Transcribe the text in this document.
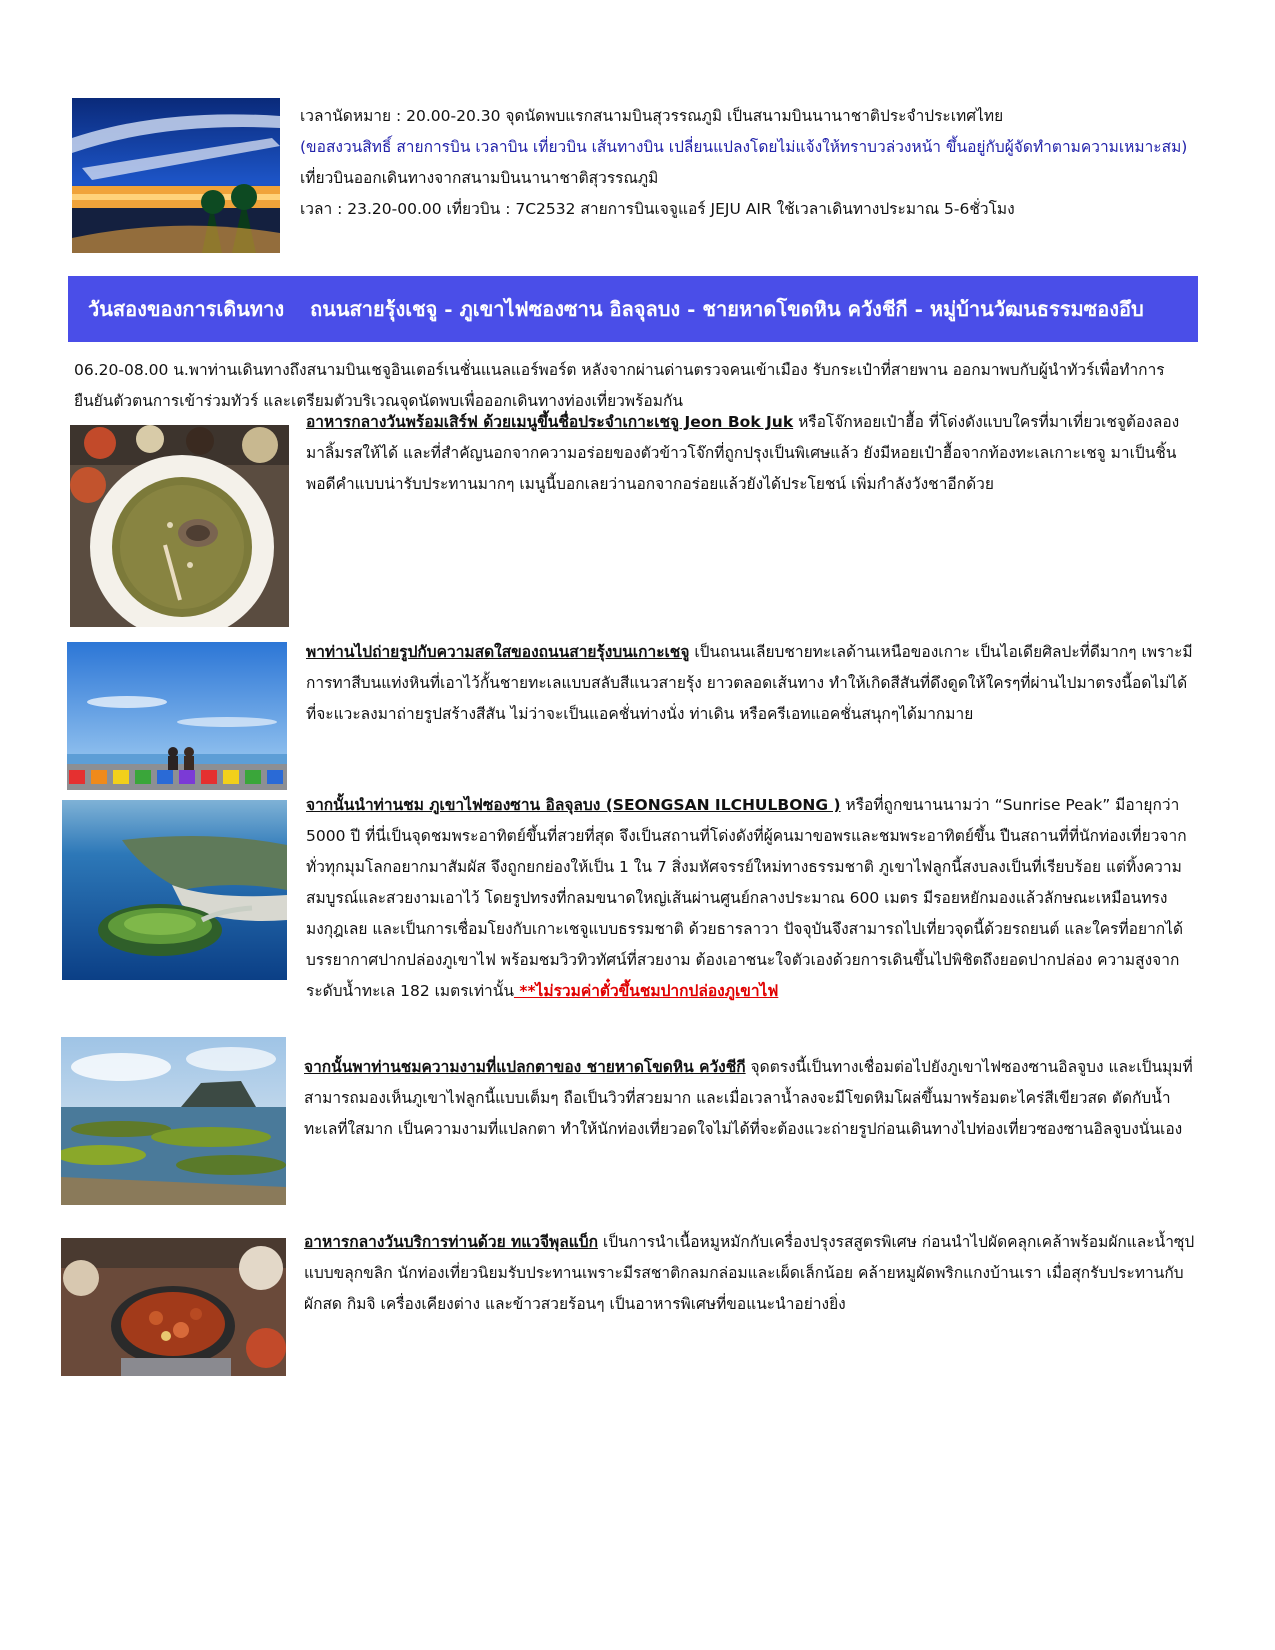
เวลานัดหมาย : 20.00-20.30 จุดนัดพบแรกสนามบินสุวรรณภูมิ เป็นสนามบินนานาชาติประจำประเทศไทย

(ขอสงวนสิทธิ์ สายการบิน เวลาบิน เที่ยวบิน เส้นทางบิน เปลี่ยนแปลงโดยไม่แจ้งให้ทราบวล่วงหน้า ขึ้นอยู่กับผู้จัดทำตามความเหมาะสม)

เที่ยวบินออกเดินทางจากสนามบินนานาชาติสุวรรณภูมิ

เวลา : 23.20-00.00 เที่ยวบิน : 7C2532 สายการบินเจจูแอร์ JEJU AIR ใช้เวลาเดินทางประมาณ 5-6ชั่วโมง

วันสองของการเดินทาง ถนนสายรุ้งเชจู - ภูเขาไฟซองซาน อิลจุลบง - ชายหาดโขดหิน ควังชีกี - หมู่บ้านวัฒนธรรมซองอึบ

06.20-08.00 น.พาท่านเดินทางถึงสนามบินเชจูอินเตอร์เนชั่นแนลแอร์พอร์ต หลังจากผ่านด่านตรวจคนเข้าเมือง รับกระเป๋าที่สายพาน ออกมาพบกับผู้นำทัวร์เพื่อทำการยืนยันตัวตนการเข้าร่วมทัวร์ และเตรียมตัวบริเวณจุดนัดพบเพื่อออกเดินทางท่องเที่ยวพร้อมกัน

อาหารกลางวันพร้อมเสิร์ฟ ด้วยเมนูขึ้นชื่อประจำเกาะเชจู Jeon Bok Juk หรือโจ๊กหอยเป๋าฮื้อ ที่โด่งดังแบบใครที่มาเที่ยวเชจูต้องลองมาลิ้มรสให้ได้ และที่สำคัญนอกจากความอร่อยของตัวข้าวโจ๊กที่ถูกปรุงเป็นพิเศษแล้ว ยังมีหอยเป๋าฮื้อจากท้องทะเลเกาะเชจู มาเป็นชิ้นพอดีคำแบบน่ารับประทานมากๆ เมนูนี้บอกเลยว่านอกจากอร่อยแล้วยังได้ประโยชน์ เพิ่มกำลังวังชาอีกด้วย

พาท่านไปถ่ายรูปกับความสดใสของถนนสายรุ้งบนเกาะเชจู เป็นถนนเลียบชายทะเลด้านเหนือของเกาะ เป็นไอเดียศิลปะที่ดีมากๆ เพราะมีการทาสีบนแท่งหินที่เอาไว้กั้นชายทะเลแบบสลับสีแนวสายรุ้ง ยาวตลอดเส้นทาง ทำให้เกิดสีสันที่ดึงดูดให้ใครๆที่ผ่านไปมาตรงนี้อดไม่ได้ ที่จะแวะลงมาถ่ายรูปสร้างสีสัน ไม่ว่าจะเป็นแอคชั่นท่างนั่ง ท่าเดิน หรือครีเอทแอคชั่นสนุกๆได้มากมาย

จากนั้นนำท่านชม ภูเขาไฟซองซาน อิลจุลบง (SEONGSAN ILCHULBONG ) หรือที่ถูกขนานนามว่า “Sunrise Peak” มีอายุกว่า 5000 ปี ที่นี่เป็นจุดชมพระอาทิตย์ขึ้นที่สวยที่สุด จึงเป็นสถานที่โด่งดังที่ผู้คนมาขอพรและชมพระอาทิตย์ขึ้น ปืนสถานที่ที่นักท่องเที่ยวจากทั่วทุกมุมโลกอยากมาสัมผัส จึงถูกยกย่องให้เป็น 1 ใน 7 สิ่งมหัศจรรย์ใหม่ทางธรรมชาติ ภูเขาไฟลูกนี้สงบลงเป็นที่เรียบร้อย แต่ทิ้งความสมบูรณ์และสวยงามเอาไว้ โดยรูปทรงที่กลมขนาดใหญ่เส้นผ่านศูนย์กลางประมาณ 600 เมตร มีรอยหยักมองแล้วลักษณะเหมือนทรงมงกุฎเลย และเป็นการเชื่อมโยงกับเกาะเชจูแบบธรรมชาติ ด้วยธารลาวา ปัจจุบันจึงสามารถไปเที่ยวจุดนี้ด้วยรถยนต์ และใครที่อยากได้บรรยากาศปากปล่องภูเขาไฟ พร้อมชมวิวทิวทัศน์ที่สวยงาม ต้องเอาชนะใจตัวเองด้วยการเดินขึ้นไปพิชิตถึงยอดปากปล่อง ความสูงจากระดับน้ำทะเล 182 เมตรเท่านั้น **ไม่รวมค่าตั๋วขึ้นชมปากปล่องภูเขาไฟ

จากนั้นพาท่านชมความงามที่แปลกตาของ ชายหาดโขดหิน ควังชีกี จุดตรงนี้เป็นทางเชื่อมต่อไปยังภูเขาไฟซองซานอิลจูบง และเป็นมุมที่สามารถมองเห็นภูเขาไฟลูกนี้แบบเต็มๆ ถือเป็นวิวที่สวยมาก และเมื่อเวลาน้ำลงจะมีโขดหิมโผล่ขึ้นมาพร้อมตะไคร่สีเขียวสด ตัดกับน้ำทะเลที่ใสมาก เป็นความงามที่แปลกตา ทำให้นักท่องเที่ยวอดใจไม่ได้ที่จะต้องแวะถ่ายรูปก่อนเดินทางไปท่องเที่ยวซองซานอิลจูบงนั่นเอง

อาหารกลางวันบริการท่านด้วย ทแวจีพุลแบ็ก เป็นการนำเนื้อหมูหมักกับเครื่องปรุงรสสูตรพิเศษ ก่อนนำไปผัดคลุกเคล้าพร้อมผักและน้ำซุปแบบขลุกขลิก นักท่องเที่ยวนิยมรับประทานเพราะมีรสชาติกลมกล่อมและเผ็ดเล็กน้อย คล้ายหมูผัดพริกแกงบ้านเรา เมื่อสุกรับประทานกับ ผักสด กิมจิ เครื่องเคียงต่าง และข้าวสวยร้อนๆ เป็นอาหารพิเศษที่ขอแนะนำอย่างยิ่ง
